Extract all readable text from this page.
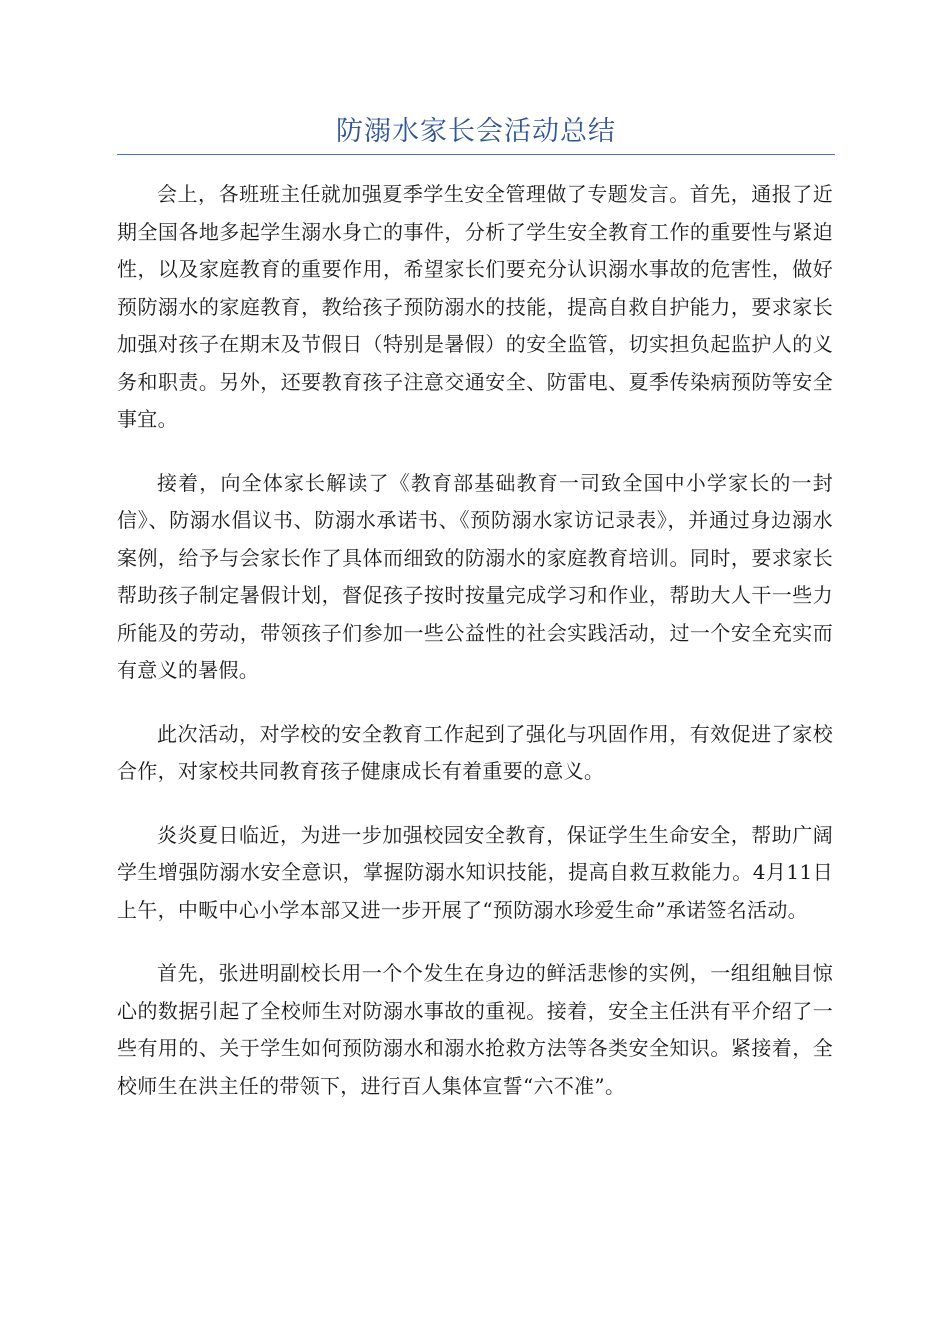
防溺水家长会活动总结

会上，各班班主任就加强夏季学生安全管理做了专题发言。首先，通报了近期全国各地多起学生溺水身亡的事件，分析了学生安全教育工作的重要性与紧迫性，以及家庭教育的重要作用，希望家长们要充分认识溺水事故的危害性，做好预防溺水的家庭教育，教给孩子预防溺水的技能，提高自救自护能力，要求家长加强对孩子在期末及节假日（特别是暑假）的安全监管，切实担负起监护人的义务和职责。另外，还要教育孩子注意交通安全、防雷电、夏季传染病预防等安全事宜。

接着，向全体家长解读了《教育部基础教育一司致全国中小学家长的一封信》、防溺水倡议书、防溺水承诺书、《预防溺水家访记录表》，并通过身边溺水案例，给予与会家长作了具体而细致的防溺水的家庭教育培训。同时，要求家长帮助孩子制定暑假计划，督促孩子按时按量完成学习和作业，帮助大人干一些力所能及的劳动，带领孩子们参加一些公益性的社会实践活动，过一个安全充实而有意义的暑假。

此次活动，对学校的安全教育工作起到了强化与巩固作用，有效促进了家校合作，对家校共同教育孩子健康成长有着重要的意义。

炎炎夏日临近，为进一步加强校园安全教育，保证学生生命安全，帮助广阔学生增强防溺水安全意识，掌握防溺水知识技能，提高自救互救能力。4月11日上午，中畈中心小学本部又进一步开展了“预防溺水珍爱生命”承诺签名活动。

首先，张进明副校长用一个个发生在身边的鲜活悲惨的实例，一组组触目惊心的数据引起了全校师生对防溺水事故的重视。接着，安全主任洪有平介绍了一些有用的、关于学生如何预防溺水和溺水抢救方法等各类安全知识。紧接着，全校师生在洪主任的带领下，进行百人集体宣誓“六不准”。
